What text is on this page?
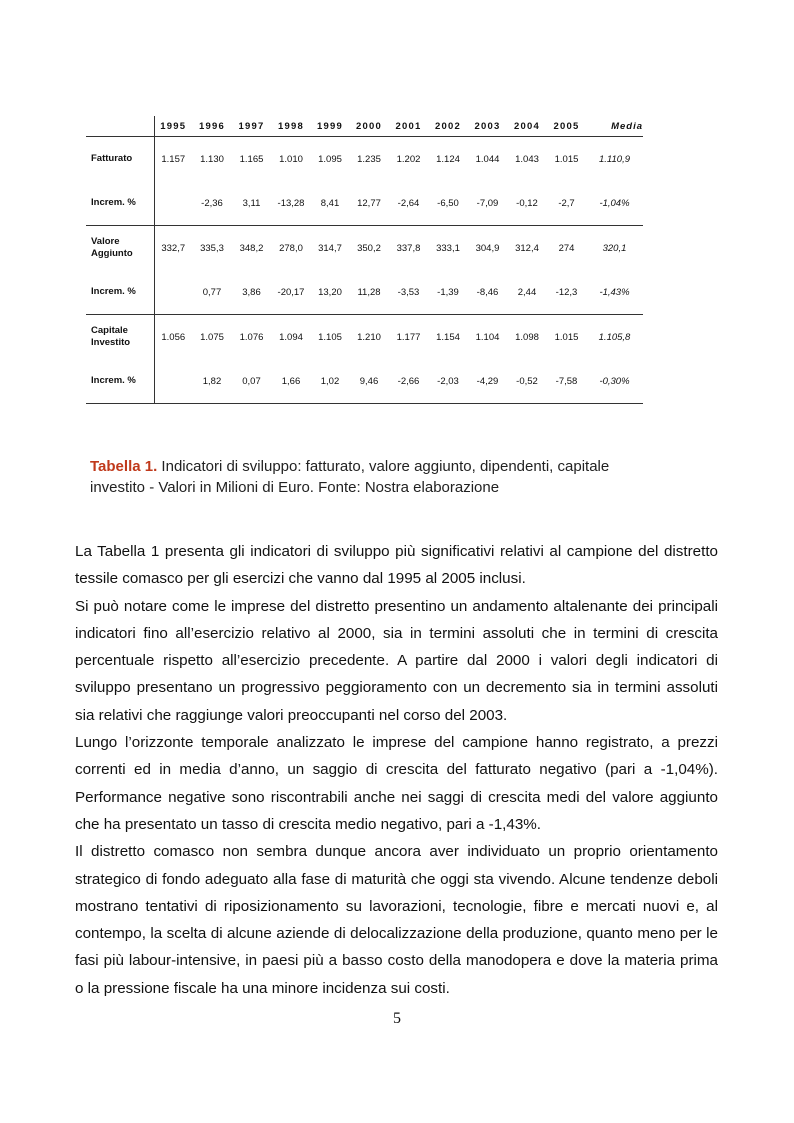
	1995	1996	1997	1998	1999	2000	2001	2002	2003	2004	2005	Media

Fatturato	1.157	1.130	1.165	1.010	1.095	1.235	1.202	1.124	1.044	1.043	1.015	1.110,9

Increm. %		-2,36	3,11	-13,28	8,41	12,77	-2,64	-6,50	-7,09	-0,12	-2,7	-1,04%

Valore
Aggiunto	332,7	335,3	348,2	278,0	314,7	350,2	337,8	333,1	304,9	312,4	274	320,1

Increm. %		0,77	3,86	-20,17	13,20	11,28	-3,53	-1,39	-8,46	2,44	-12,3	-1,43%

Capitale
Investito	1.056	1.075	1.076	1.094	1.105	1.210	1.177	1.154	1.104	1.098	1.015	1.105,8

Increm. %		1,82	0,07	1,66	1,02	9,46	-2,66	-2,03	-4,29	-0,52	-7,58	-0,30%
Tabella 1. Indicatori di sviluppo: fatturato, valore aggiunto, dipendenti, capitale investito - Valori in Milioni di Euro. Fonte: Nostra elaborazione

La Tabella 1 presenta gli indicatori di sviluppo più significativi relativi al campione del distretto tessile comasco per gli esercizi che vanno dal 1995 al 2005 inclusi.

Si può notare come le imprese del distretto presentino un andamento altalenante dei principali indicatori fino all’esercizio relativo al 2000, sia in termini assoluti che in termini di crescita percentuale rispetto all’esercizio precedente. A partire dal 2000 i valori degli indicatori di sviluppo presentano un progressivo peggioramento con un decremento sia in termini assoluti sia relativi che raggiunge valori preoccupanti nel corso del 2003.

Lungo l’orizzonte temporale analizzato le imprese del campione hanno registrato, a prezzi correnti ed in media d’anno, un saggio di crescita del fatturato negativo (pari a -1,04%). Performance negative sono riscontrabili anche nei saggi di crescita medi del valore aggiunto che ha presentato un tasso di crescita medio negativo, pari a -1,43%.

Il distretto comasco non sembra dunque ancora aver individuato un proprio orientamento strategico di fondo adeguato alla fase di maturità che oggi sta vivendo. Alcune tendenze deboli mostrano tentativi di riposizionamento su lavorazioni, tecnologie, fibre e mercati nuovi e, al contempo, la scelta di alcune aziende di delocalizzazione della produzione, quanto meno per le fasi più labour-intensive, in paesi più a basso costo della manodopera e dove la materia prima o la pressione fiscale ha una minore incidenza sui costi.

5
